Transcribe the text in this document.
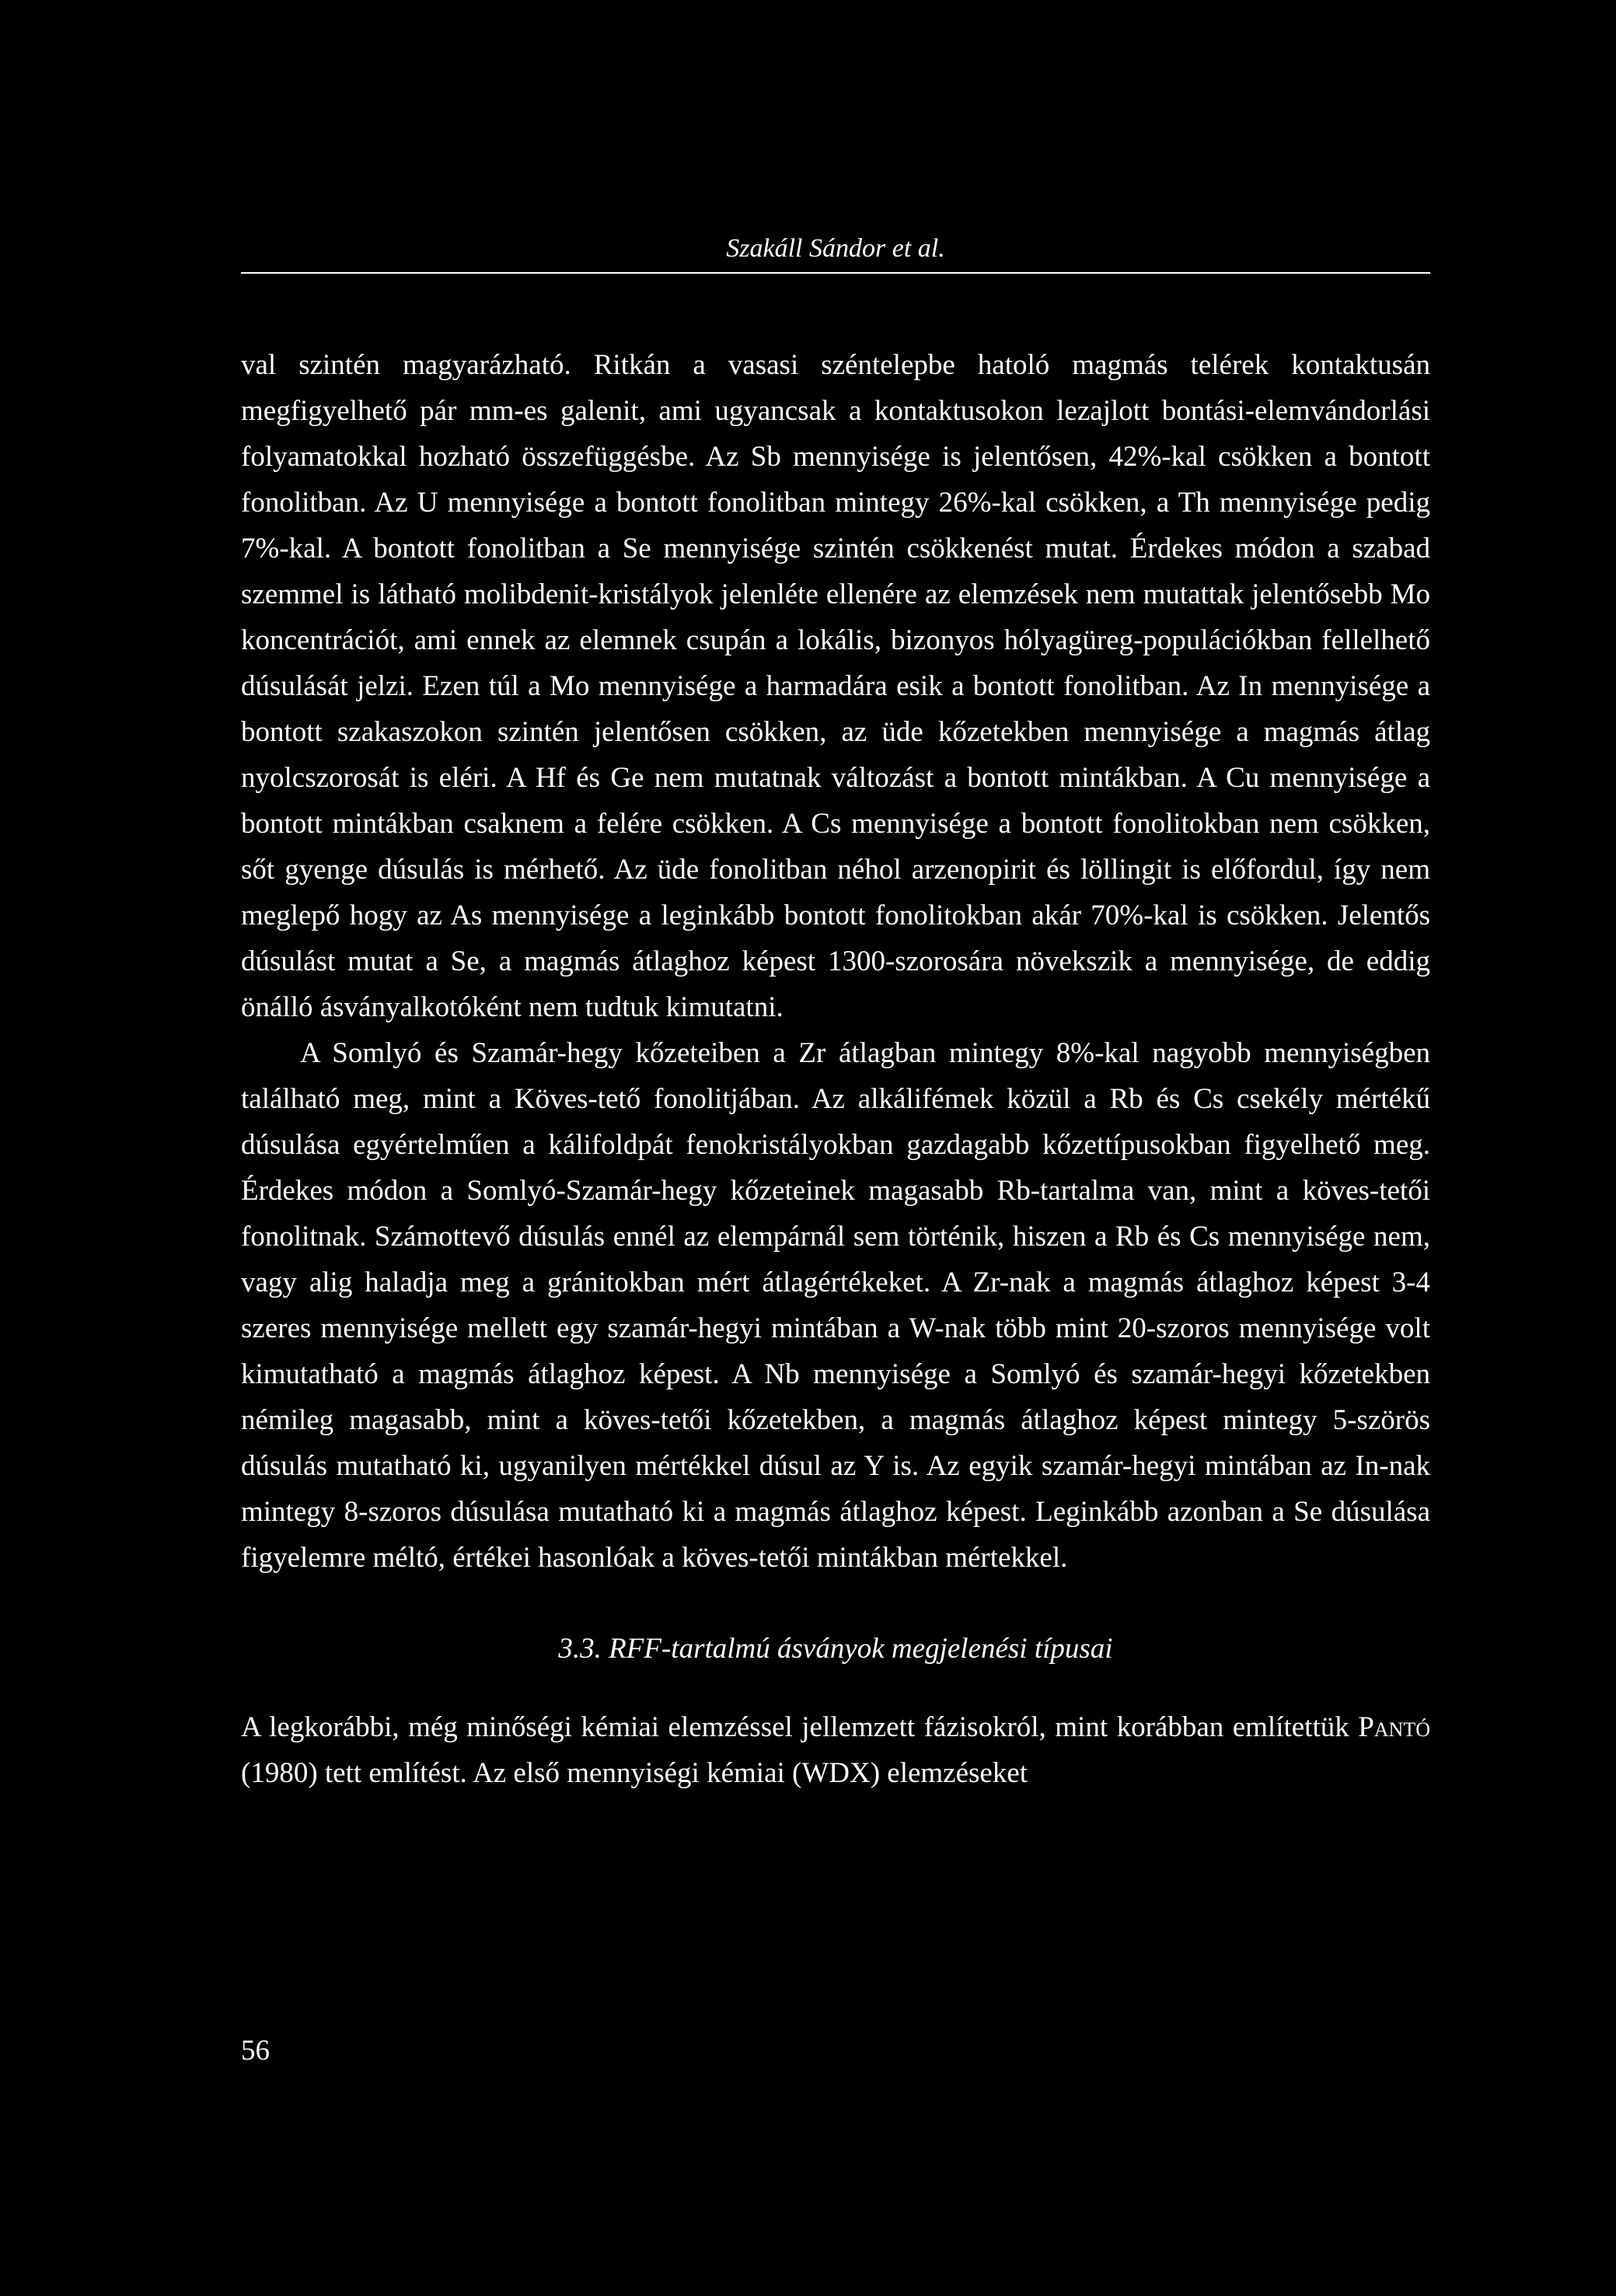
Szakáll Sándor et al.

val szintén magyarázható. Ritkán a vasasi széntelepbe hatoló magmás telérek kontaktusán megfigyelhető pár mm-es galenit, ami ugyancsak a kontaktusokon lezajlott bontási-elemvándorlási folyamatokkal hozható összefüggésbe. Az Sb mennyisége is jelentősen, 42%-kal csökken a bontott fonolitban. Az U mennyisége a bontott fonolitban mintegy 26%-kal csökken, a Th mennyisége pedig 7%-kal. A bontott fonolitban a Se mennyisége szintén csökkenést mutat. Érdekes módon a szabad szemmel is látható molibdenit-kristályok jelenléte ellenére az elemzések nem mutattak jelentősebb Mo koncentrációt, ami ennek az elemnek csupán a lokális, bizonyos hólyagüreg-populációkban fellelhető dúsulását jelzi. Ezen túl a Mo mennyisége a harmadára esik a bontott fonolitban. Az In mennyisége a bontott szakaszokon szintén jelentősen csökken, az üde kőzetekben mennyisége a magmás átlag nyolcszorosát is eléri. A Hf és Ge nem mutatnak változást a bontott mintákban. A Cu mennyisége a bontott mintákban csaknem a felére csökken. A Cs mennyisége a bontott fonolitokban nem csökken, sőt gyenge dúsulás is mérhető. Az üde fonolitban néhol arzenopirit és löllingit is előfordul, így nem meglepő hogy az As mennyisége a leginkább bontott fonolitokban akár 70%-kal is csökken. Jelentős dúsulást mutat a Se, a magmás átlaghoz képest 1300-szorosára növekszik a mennyisége, de eddig önálló ásványalkotóként nem tudtuk kimutatni.

A Somlyó és Szamár-hegy kőzeteiben a Zr átlagban mintegy 8%-kal nagyobb mennyiségben található meg, mint a Köves-tető fonolitjában. Az alkálifémek közül a Rb és Cs csekély mértékű dúsulása egyértelműen a kálifoldpát fenokristályokban gazdagabb kőzettípusokban figyelhető meg. Érdekes módon a Somlyó-Szamár-hegy kőzeteinek magasabb Rb-tartalma van, mint a köves-tetői fonolitnak. Számottevő dúsulás ennél az elempárnál sem történik, hiszen a Rb és Cs mennyisége nem, vagy alig haladja meg a gránitokban mért átlagértékeket. A Zr-nak a magmás átlaghoz képest 3-4 szeres mennyisége mellett egy szamár-hegyi mintában a W-nak több mint 20-szoros mennyisége volt kimutatható a magmás átlaghoz képest. A Nb mennyisége a Somlyó és szamár-hegyi kőzetekben némileg magasabb, mint a köves-tetői kőzetekben, a magmás átlaghoz képest mintegy 5-szörös dúsulás mutatható ki, ugyanilyen mértékkel dúsul az Y is. Az egyik szamár-hegyi mintában az In-nak mintegy 8-szoros dúsulása mutatható ki a magmás átlaghoz képest. Leginkább azonban a Se dúsulása figyelemre méltó, értékei hasonlóak a köves-tetői mintákban mértekkel.

3.3. RFF-tartalmú ásványok megjelenési típusai

A legkorábbi, még minőségi kémiai elemzéssel jellemzett fázisokról, mint korábban említettük Pantó (1980) tett említést. Az első mennyiségi kémiai (WDX) elemzéseket

56
